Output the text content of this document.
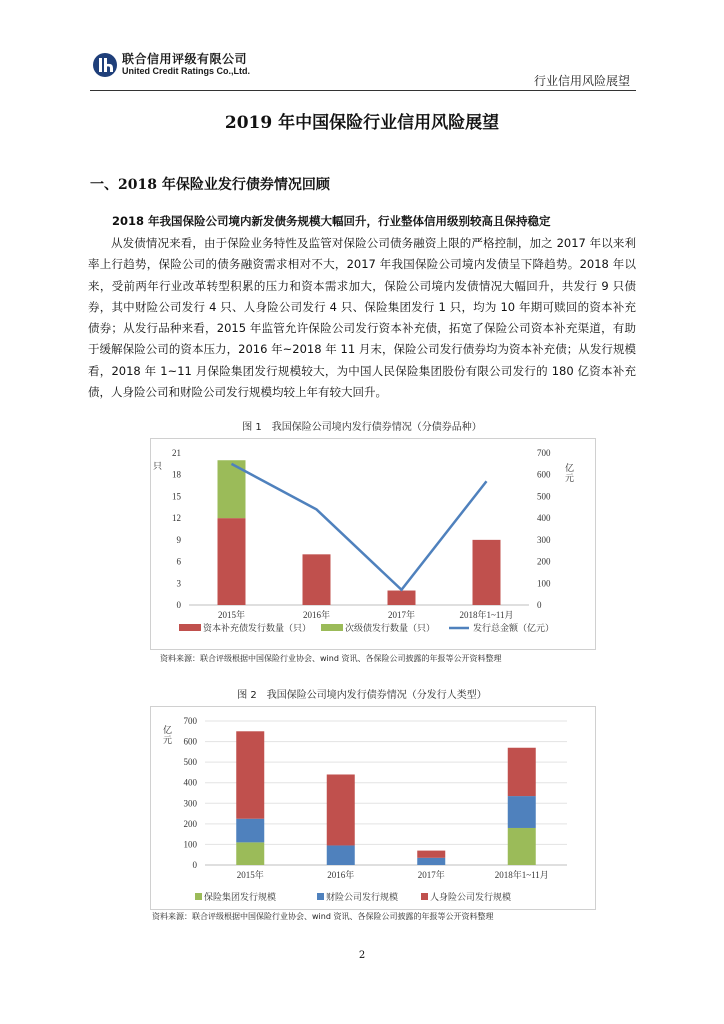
联合信用评级有限公司
United Credit Ratings Co.,Ltd.
行业信用风险展望
2019 年中国保险行业信用风险展望
一、2018 年保险业发行债券情况回顾
2018 年我国保险公司境内新发债务规模大幅回升，行业整体信用级别较高且保持稳定
从发债情况来看，由于保险业务特性及监管对保险公司债务融资上限的严格控制，加之 2017 年以来利率上行趋势，保险公司的债务融资需求相对不大，2017 年我国保险公司境内发债呈下降趋势。2018 年以来，受前两年行业改革转型积累的压力和资本需求加大，保险公司境内发债情况大幅回升，共发行 9 只债券，其中财险公司发行 4 只、人身险公司发行 4 只、保险集团发行 1 只，均为 10 年期可赎回的资本补充债券；从发行品种来看，2015 年监管允许保险公司发行资本补充债，拓宽了保险公司资本补充渠道，有助于缓解保险公司的资本压力，2016 年~2018 年 11 月末，保险公司发行债券均为资本补充债；从发行规模看，2018 年 1~11 月保险集团发行规模较大，为中国人民保险集团股份有限公司发行的 180 亿资本补充债，人身险公司和财险公司发行规模均较上年有较大回升。
图 1　我国保险公司境内发行债券情况（分债券品种）
0
3
6
9
12
15
18
21
0
100
200
300
400
500
600
700
只	亿
元
2015年	2016年	2017年	2018年1~11月
资本补充债发行数量（只）	次级债发行数量（只）	发行总金额（亿元）
资料来源：联合评级根据中国保险行业协会、wind 资讯、各保险公司披露的年报等公开资料整理
图 2　我国保险公司境内发行债券情况（分发行人类型）
0
100
200
300
400
500
600
700
亿
元
2015年	2016年	2017年	2018年1~11月
保险集团发行规模	财险公司发行规模	人身险公司发行规模
资料来源：联合评级根据中国保险行业协会、wind 资讯、各保险公司披露的年报等公开资料整理
2
